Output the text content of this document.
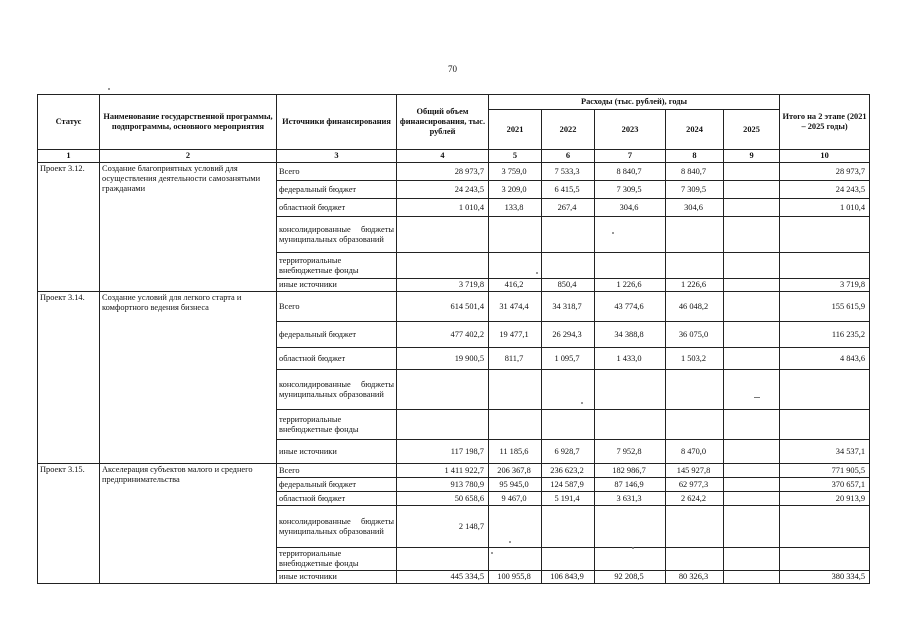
70
Статус	Наименование государственной программы, подпрограммы, основного мероприятия	Источники финансирования	Общий объем финансирования, тыс. рублей	Расходы (тыс. рублей), годы					Итого на 2 этапе (2021 – 2025 годы)
				2021	2022	2023	2024	2025	
1	2	3	4	5	6	7	8	9	10
Проект 3.12.	Создание благоприятных условий для осуществления деятельности самозанятыми гражданами	Всего	28 973,7	3 759,0	7 533,3	8 840,7	8 840,7		28 973,7
		федеральный бюджет	24 243,5	3 209,0	6 415,5	7 309,5	7 309,5		24 243,5
		областной бюджет	1 010,4	133,8	267,4	304,6	304,6		1 010,4
		консолидированные бюджеты муниципальных образований							
		территориальные внебюджетные фонды							
		иные источники	3 719,8	416,2	850,4	1 226,6	1 226,6		3 719,8
Проект 3.14.	Создание условий для легкого старта и комфортного ведения бизнеса	Всего	614 501,4	31 474,4	34 318,7	43 774,6	46 048,2		155 615,9
		федеральный бюджет	477 402,2	19 477,1	26 294,3	34 388,8	36 075,0		116 235,2
		областной бюджет	19 900,5	811,7	1 095,7	1 433,0	1 503,2		4 843,6
		консолидированные бюджеты муниципальных образований							
		территориальные внебюджетные фонды							
		иные источники	117 198,7	11 185,6	6 928,7	7 952,8	8 470,0		34 537,1
Проект 3.15.	Акселерация субъектов малого и среднего предпринимательства	Всего	1 411 922,7	206 367,8	236 623,2	182 986,7	145 927,8		771 905,5
		федеральный бюджет	913 780,9	95 945,0	124 587,9	87 146,9	62 977,3		370 657,1
		областной бюджет	50 658,6	9 467,0	5 191,4	3 631,3	2 624,2		20 913,9
		консолидированные бюджеты муниципальных образований	2 148,7						
		территориальные внебюджетные фонды							
		иные источники	445 334,5	100 955,8	106 843,9	92 208,5	80 326,3		380 334,5
